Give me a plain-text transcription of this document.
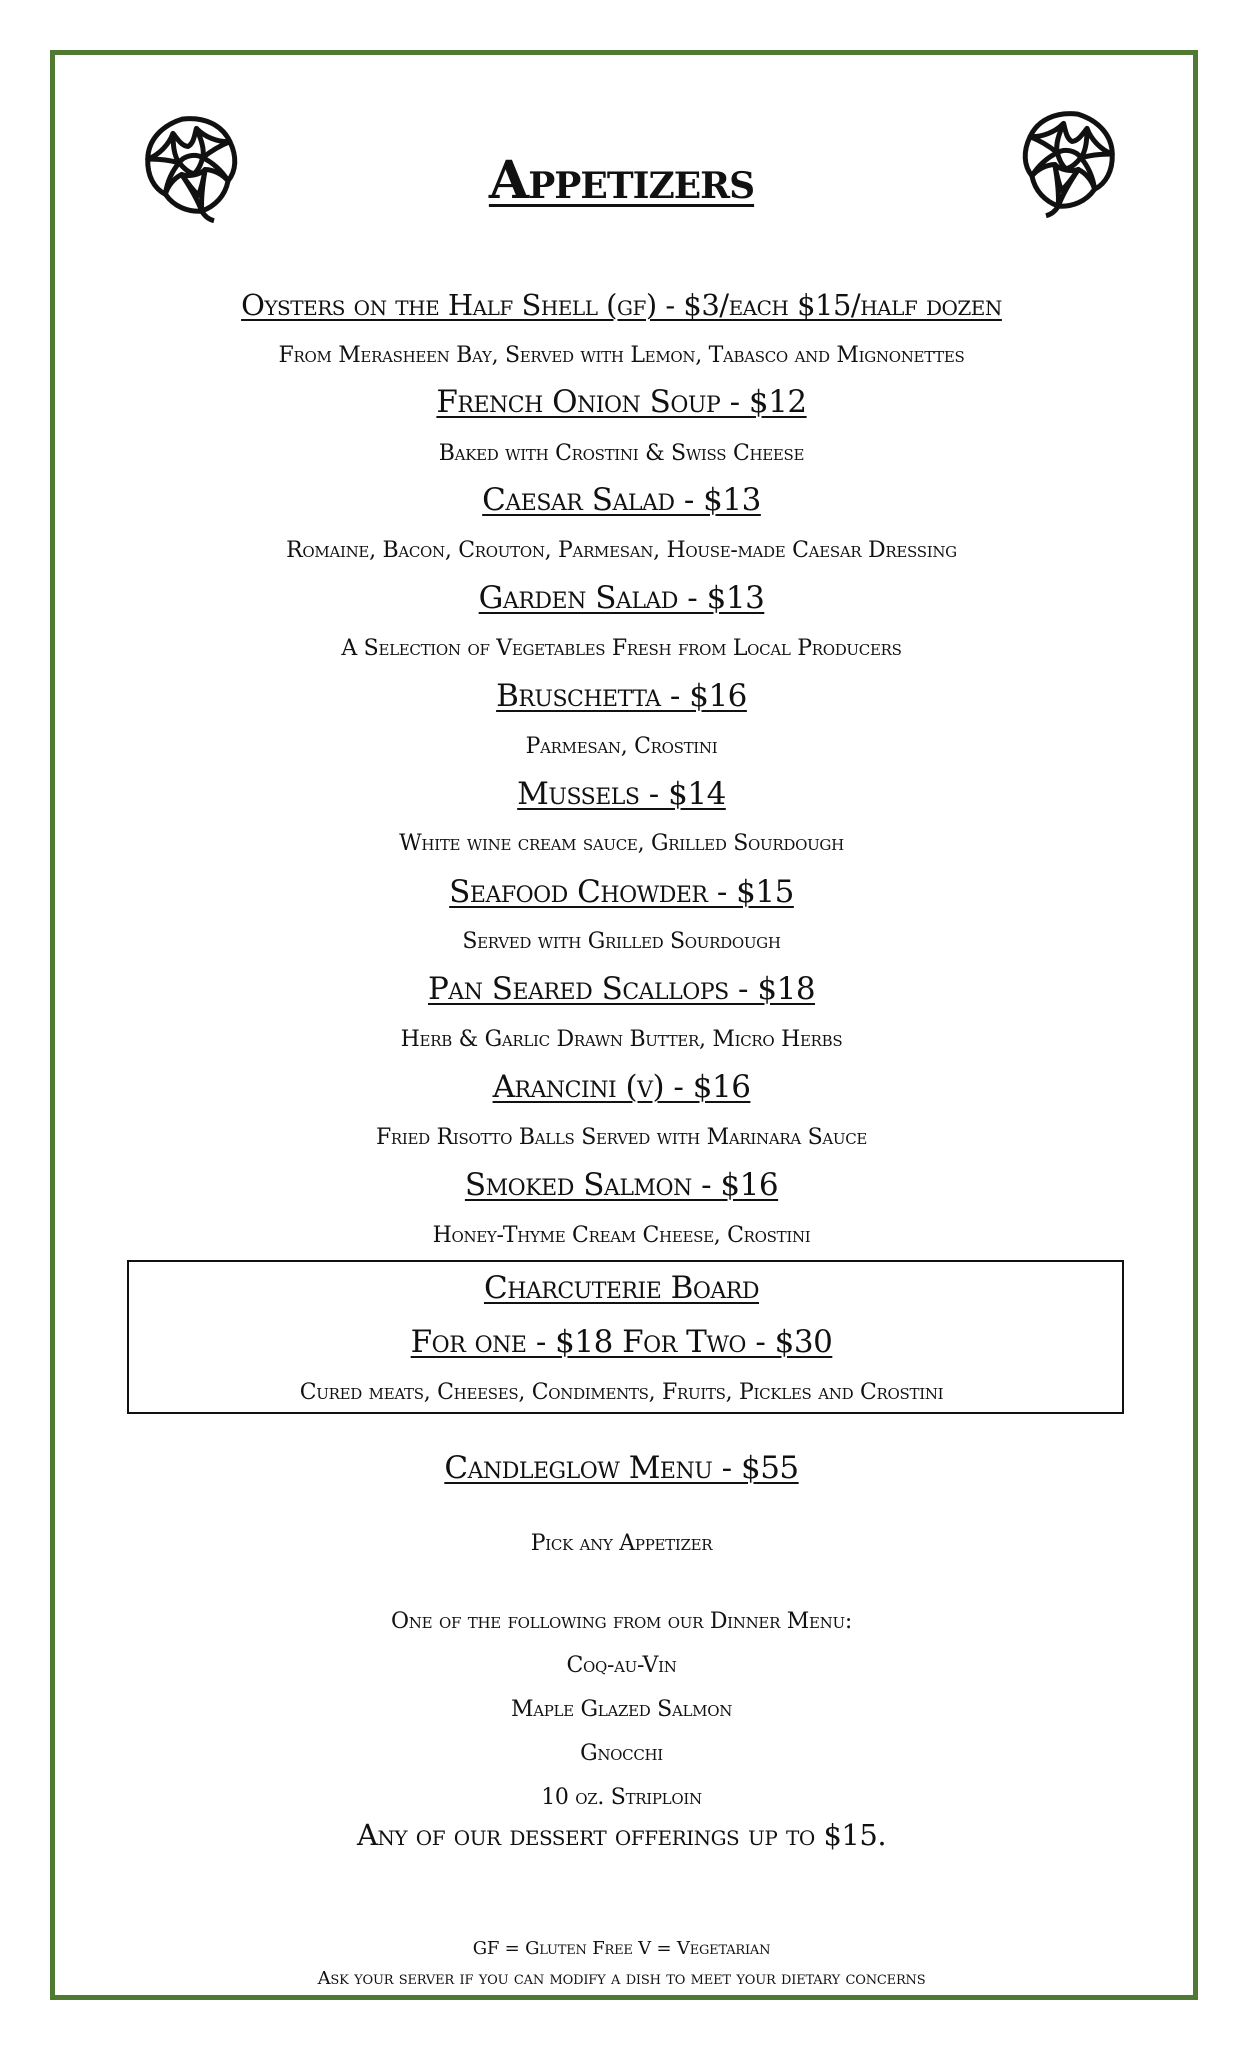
Appetizers
Oysters on the Half Shell (gf) - $3/each $15/half dozen
From Merasheen Bay, Served with Lemon, Tabasco and Mignonettes
French Onion Soup - $12
Baked with Crostini & Swiss Cheese
Caesar Salad - $13
Romaine, Bacon, Crouton, Parmesan, House-made Caesar Dressing
Garden Salad - $13
A Selection of Vegetables Fresh from Local Producers
Bruschetta - $16
Parmesan, Crostini
Mussels - $14
White wine cream sauce, Grilled Sourdough
Seafood Chowder - $15
Served with Grilled Sourdough
Pan Seared Scallops - $18
Herb & Garlic Drawn Butter, Micro Herbs
Arancini (v) - $16
Fried Risotto Balls Served with Marinara Sauce
Smoked Salmon - $16
Honey-Thyme Cream Cheese, Crostini
Charcuterie Board
For one - $18 For Two - $30
Cured meats, Cheeses, Condiments, Fruits, Pickles and Crostini
Candleglow Menu - $55
Pick any Appetizer
One of the following from our Dinner Menu:
Coq-au-Vin
Maple Glazed Salmon
Gnocchi
10 oz. Striploin
Any of our dessert offerings up to $15.
GF = Gluten Free V = Vegetarian
Ask your server if you can modify a dish to meet your dietary concerns
